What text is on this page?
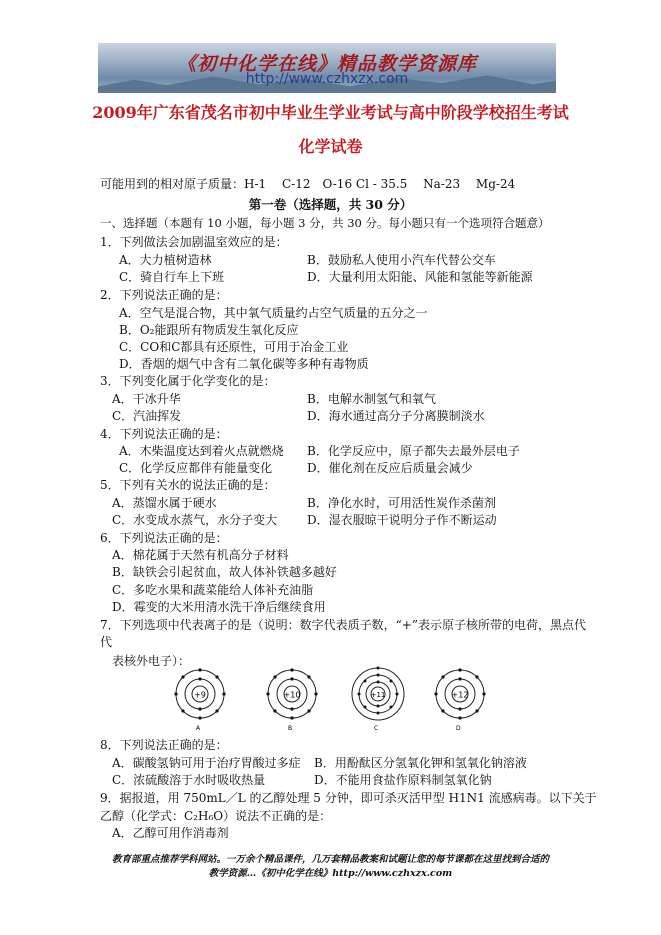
《初中化学在线》精品教学资源库
http://www.czhxzx.com
2009年广东省茂名市初中毕业生学业考试与高中阶段学校招生考试
化学试卷
可能用到的相对原子质量：H-1　 C-12　O-16 Cl - 35.5　 Na-23　 Mg-24
第一卷（选择题，共 30 分）
一、选择题（本题有 10 小题，每小题 3 分，共 30 分。每小题只有一个选项符合题意）
1．下列做法会加剧温室效应的是：
A．大力植树造林	B．鼓励私人使用小汽车代替公交车
C．骑自行车上下班	D．大量利用太阳能、风能和氢能等新能源
2．下列说法正确的是：
A．空气是混合物，其中氧气质量约占空气质量的五分之一
B．O₂能跟所有物质发生氧化反应
C．CO和C都具有还原性，可用于冶金工业
D．香烟的烟气中含有二氧化碳等多种有毒物质
3．下列变化属于化学变化的是：
A．干冰升华	B．电解水制氢气和氧气
C．汽油挥发	D．海水通过高分子分离膜制淡水
4．下列说法正确的是：
A．木柴温度达到着火点就燃烧 B．化学反应中，原子都失去最外层电子
C．化学反应都伴有能量变化	D．催化剂在反应后质量会减少
5．下列有关水的说法正确的是：
A．蒸馏水属于硬水	B．净化水时，可用活性炭作杀菌剂
C．水变成水蒸气，水分子变大 D．湿衣服晾干说明分子作不断运动
6．下列说法正确的是：
A．棉花属于天然有机高分子材料
B．缺铁会引起贫血，故人体补铁越多越好
C．多吃水果和蔬菜能给人体补充油脂
D．霉变的大米用清水洗干净后继续食用
7．下列选项中代表离子的是（说明：数字代表质子数，“+”表示原子核所带的电荷，黑点代
代
表核外电子）：
+9
A
+10
B
+11
C
+12
D
8．下列说法正确的是：
A．碳酸氢钠可用于治疗胃酸过多症 B．用酚酞区分氢氧化钾和氢氧化钠溶液
C．浓硫酸溶于水时吸收热量	D．不能用食盐作原料制氢氧化钠
9．据报道，用 750mL／L 的乙醇处理 5 分钟，即可杀灭活甲型 H1N1 流感病毒。以下关于
乙醇（化学式：C₂H₆O）说法不正确的是：
A．乙醇可用作消毒剂
教育部重点推荐学科网站。一万余个精品课件，几万套精品教案和试题让您的每节课都在这里找到合适的
教学资源…《初中化学在线》http://www.czhxzx.com
